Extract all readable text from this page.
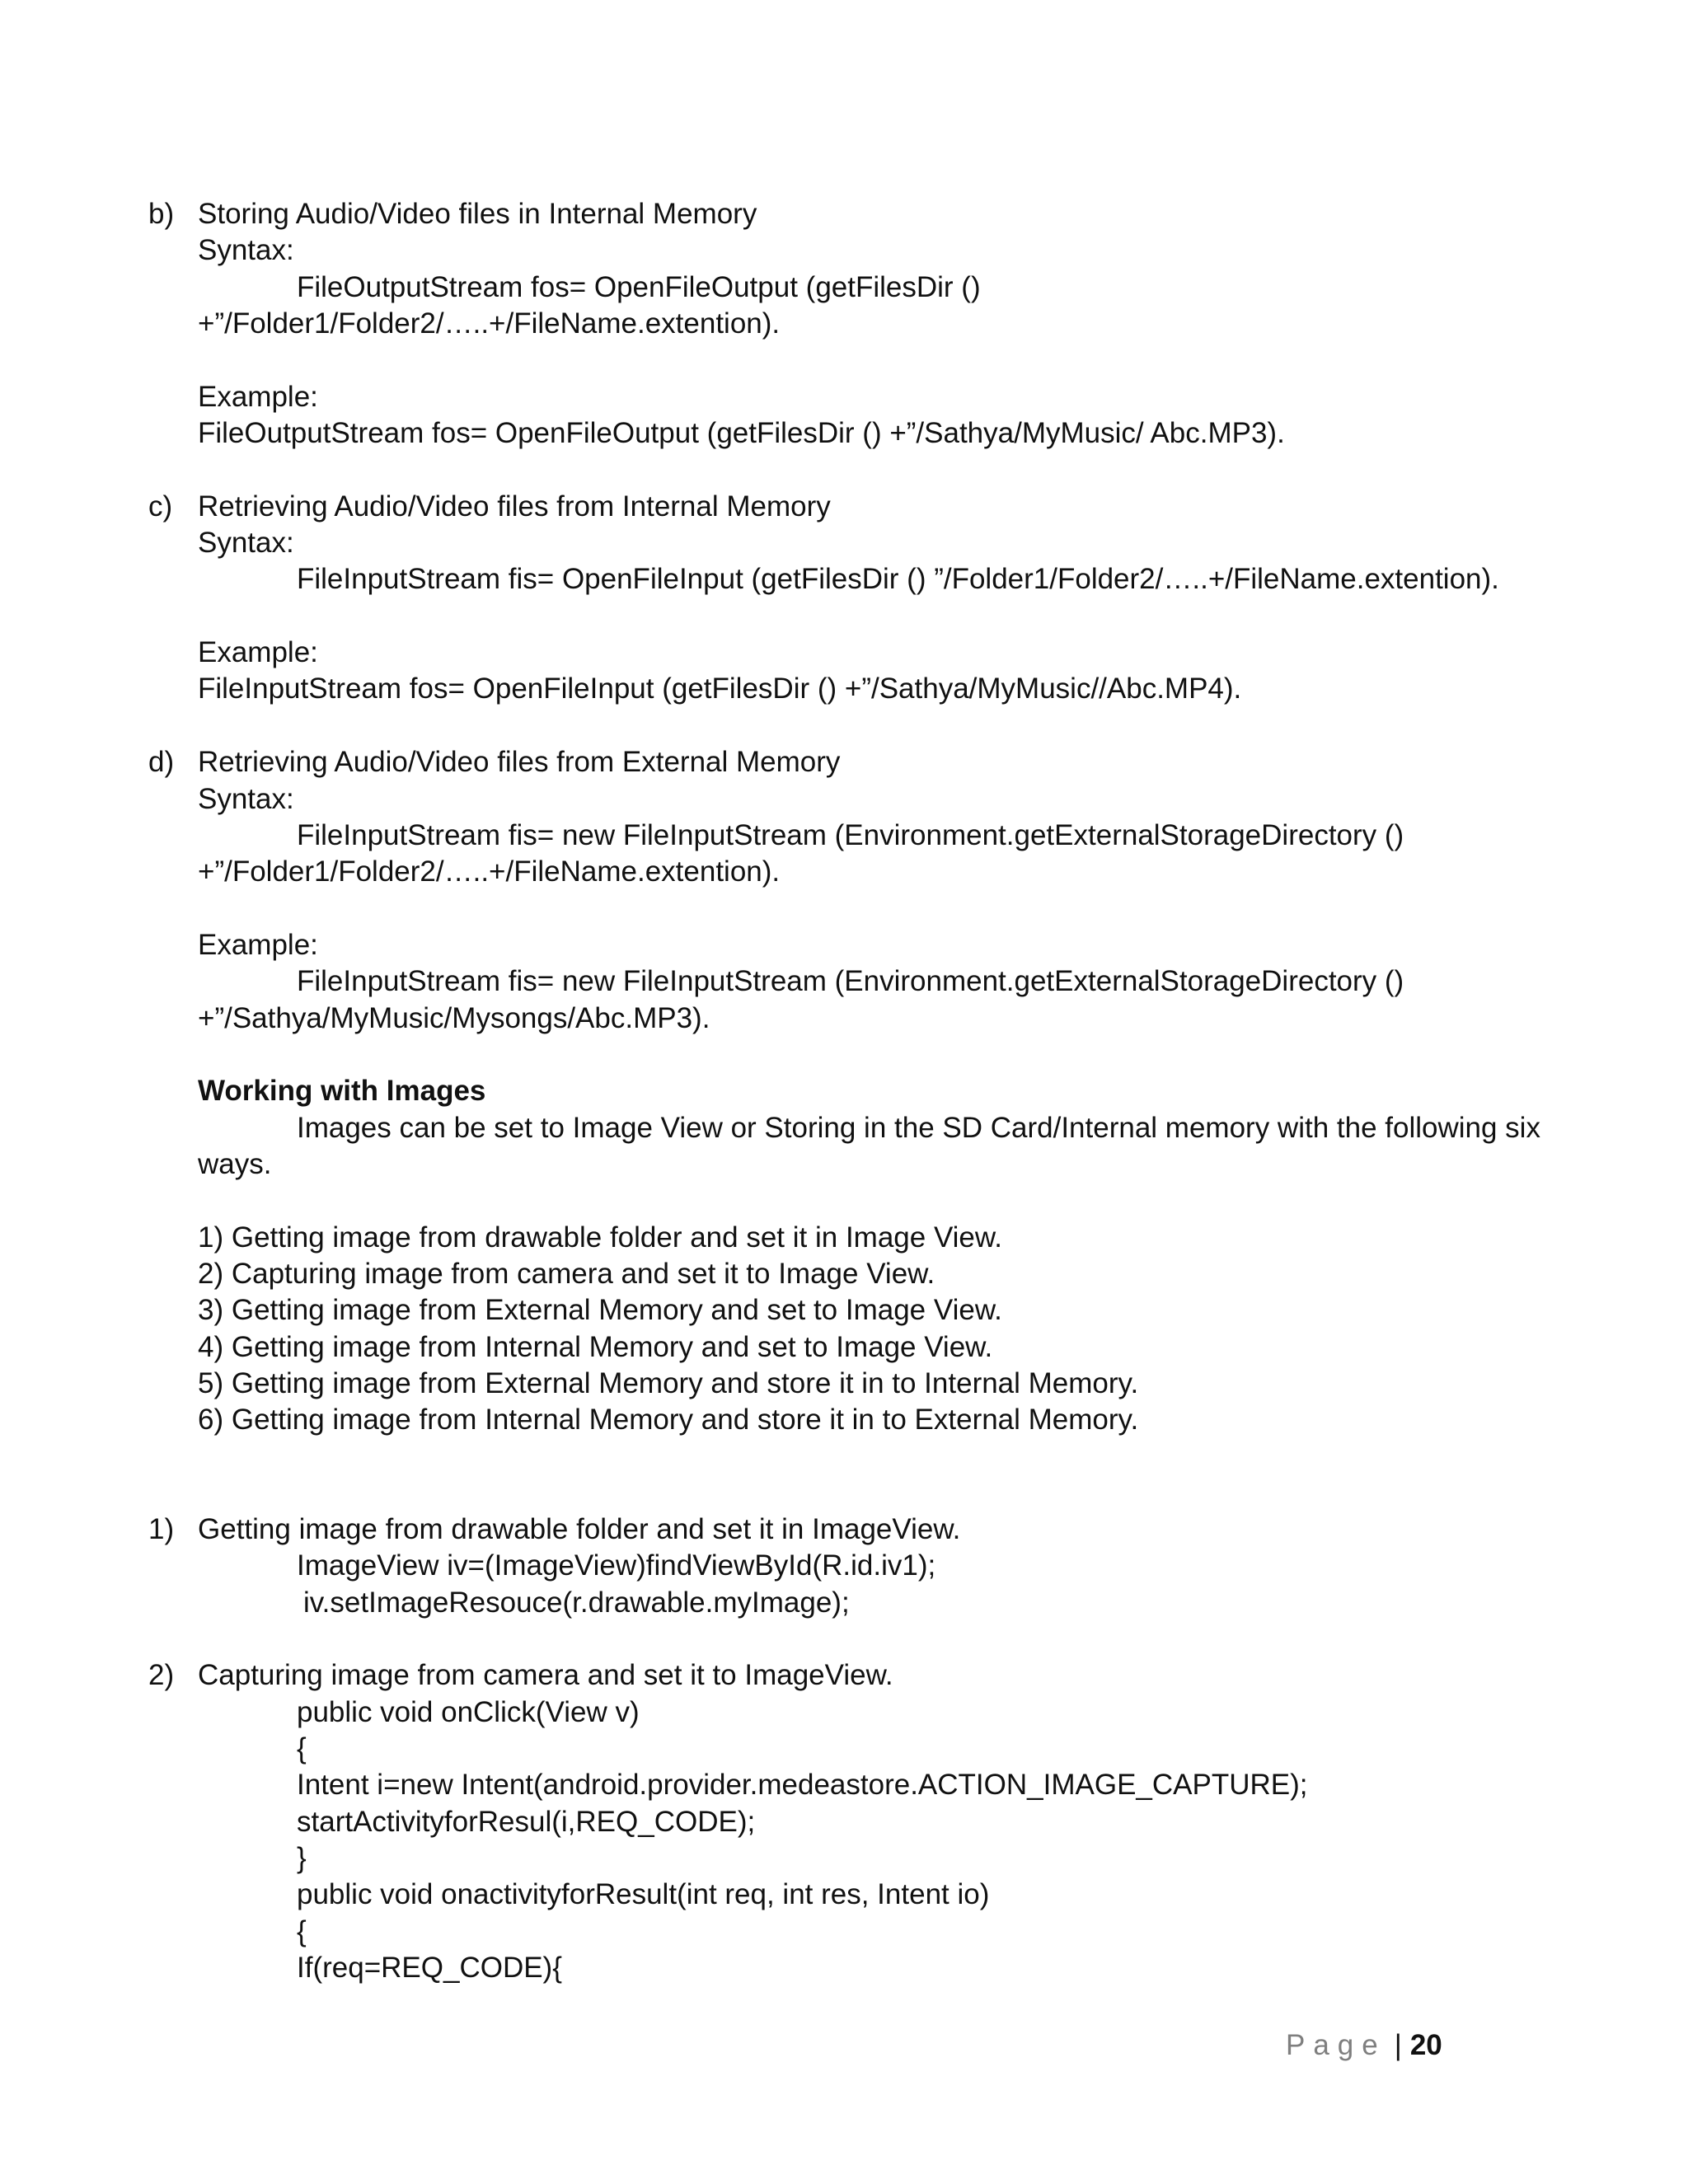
b) Storing Audio/Video files in Internal Memory
Syntax:
FileOutputStream fos= OpenFileOutput (getFilesDir ()
+”/Folder1/Folder2/…..+/FileName.extention).
Example:
FileOutputStream fos= OpenFileOutput (getFilesDir () +”/Sathya/MyMusic/ Abc.MP3).
c) Retrieving Audio/Video files from Internal Memory
Syntax:
FileInputStream fis= OpenFileInput (getFilesDir () ”/Folder1/Folder2/…..+/FileName.extention).
Example:
FileInputStream fos= OpenFileInput (getFilesDir () +”/Sathya/MyMusic//Abc.MP4).
d) Retrieving Audio/Video files from External Memory
Syntax:
FileInputStream fis= new FileInputStream (Environment.getExternalStorageDirectory ()
+”/Folder1/Folder2/…..+/FileName.extention).
Example:
FileInputStream fis= new FileInputStream (Environment.getExternalStorageDirectory ()
+”/Sathya/MyMusic/Mysongs/Abc.MP3).
Working with Images
Images can be set to Image View or Storing in the SD Card/Internal memory with the following six
ways.
1) Getting image from drawable folder and set it in Image View.
2) Capturing image from camera and set it to Image View.
3) Getting image from External Memory and set to Image View.
4) Getting image from Internal Memory and set to Image View.
5) Getting image from External Memory and store it in to Internal Memory.
6) Getting image from Internal Memory and store it in to External Memory.
1) Getting image from drawable folder and set it in ImageView.
ImageView iv=(ImageView)findViewById(R.id.iv1);
iv.setImageResouce(r.drawable.myImage);
2) Capturing image from camera and set it to ImageView.
public void onClick(View v)
{
Intent i=new Intent(android.provider.medeastore.ACTION_IMAGE_CAPTURE);
startActivityforResul(i,REQ_CODE);
}
public void onactivityforResult(int req, int res, Intent io)
{
If(req=REQ_CODE){
Page | 20
